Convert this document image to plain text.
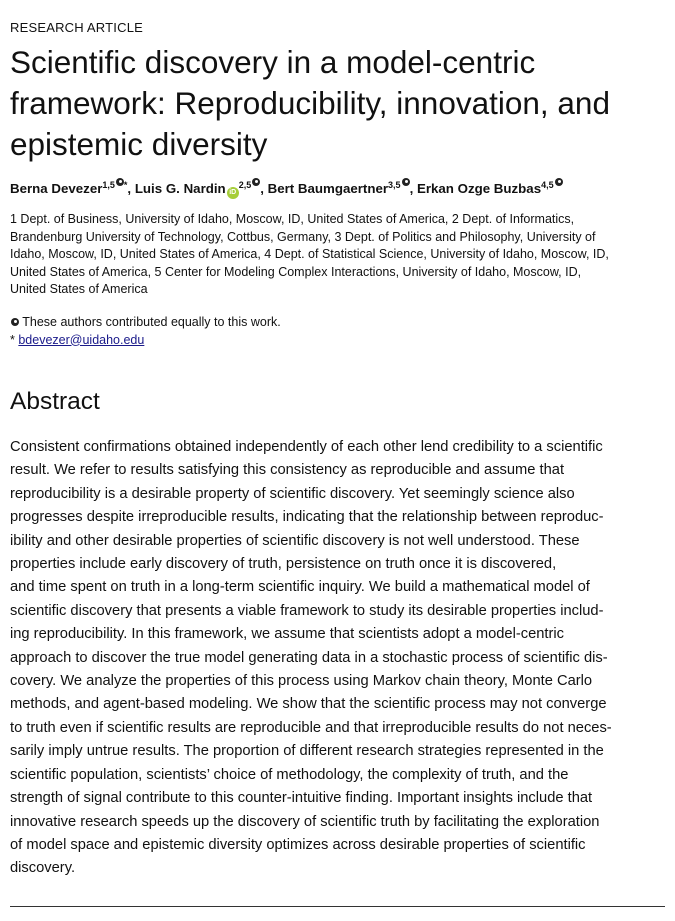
RESEARCH ARTICLE
Scientific discovery in a model-centric
framework: Reproducibility, innovation, and
epistemic diversity
Berna Devezer$^{1,5}$ *, Luis G. Nardin iD$^{2,5}$ , Bert Baumgaertner$^{3,5}$ , Erkan Ozge Buzbas$^{4,5}$
1 Dept. of Business, University of Idaho, Moscow, ID, United States of America, 2 Dept. of Informatics,
Brandenburg University of Technology, Cottbus, Germany, 3 Dept. of Politics and Philosophy, University of
Idaho, Moscow, ID, United States of America, 4 Dept. of Statistical Science, University of Idaho, Moscow, ID,
United States of America, 5 Center for Modeling Complex Interactions, University of Idaho, Moscow, ID,
United States of America
These authors contributed equally to this work.
* bdevezer@uidaho.edu
Abstract
Consistent confirmations obtained independently of each other lend credibility to a scientific
result. We refer to results satisfying this consistency as reproducible and assume that
reproducibility is a desirable property of scientific discovery. Yet seemingly science also
progresses despite irreproducible results, indicating that the relationship between reproduc-
ibility and other desirable properties of scientific discovery is not well understood. These
properties include early discovery of truth, persistence on truth once it is discovered,
and time spent on truth in a long-term scientific inquiry. We build a mathematical model of
scientific discovery that presents a viable framework to study its desirable properties includ-
ing reproducibility. In this framework, we assume that scientists adopt a model-centric
approach to discover the true model generating data in a stochastic process of scientific dis-
covery. We analyze the properties of this process using Markov chain theory, Monte Carlo
methods, and agent-based modeling. We show that the scientific process may not converge
to truth even if scientific results are reproducible and that irreproducible results do not neces-
sarily imply untrue results. The proportion of different research strategies represented in the
scientific population, scientists’ choice of methodology, the complexity of truth, and the
strength of signal contribute to this counter-intuitive finding. Important insights include that
innovative research speeds up the discovery of scientific truth by facilitating the exploration
of model space and epistemic diversity optimizes across desirable properties of scientific
discovery.
